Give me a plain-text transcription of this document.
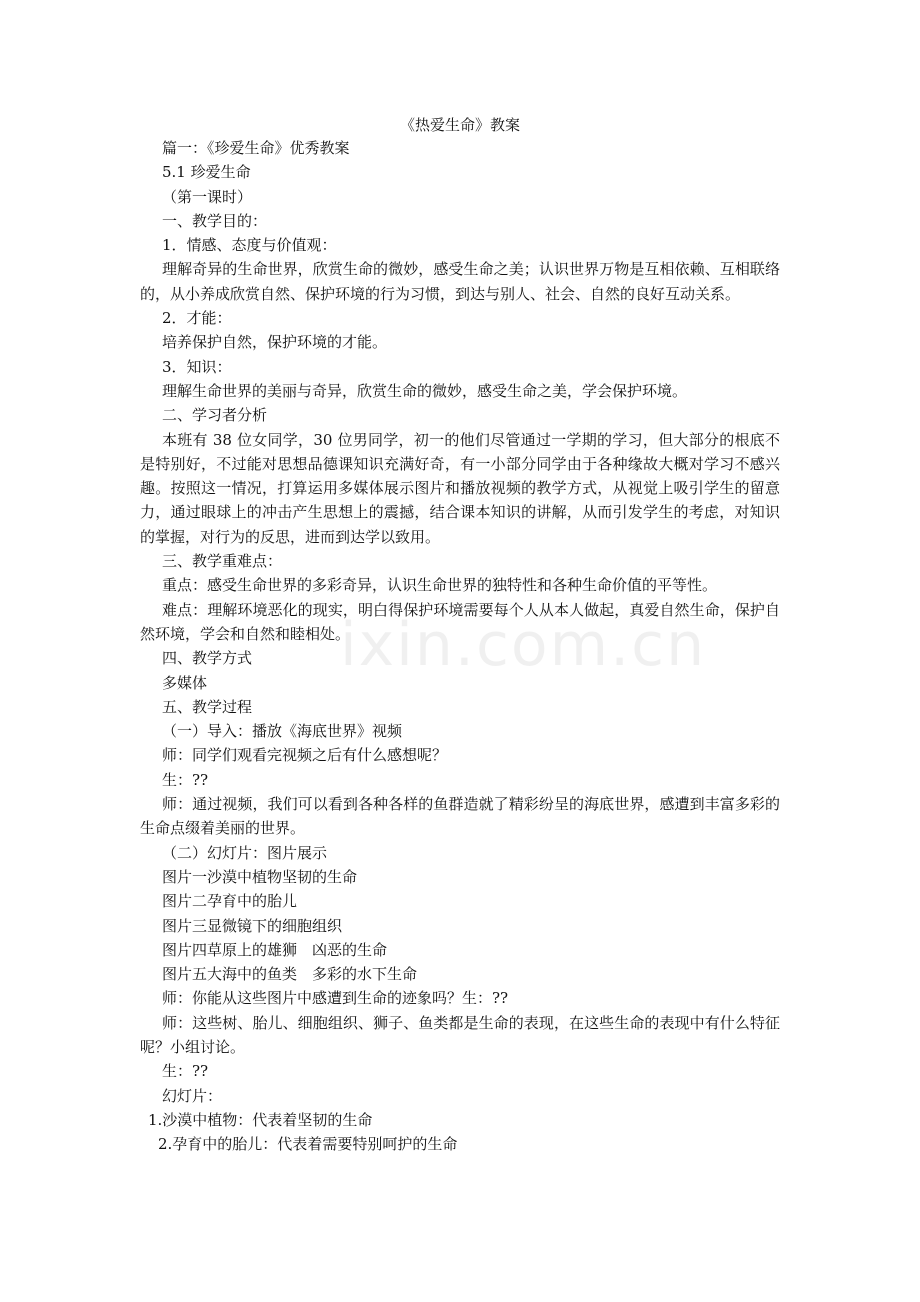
ixin.com.cn
《热爱生命》教案

篇一：《珍爱生命》优秀教案

5.1 珍爱生命

（第一课时）

一、教学目的：

1．情感、态度与价值观：

理解奇异的生命世界，欣赏生命的微妙，感受生命之美；认识世界万物是互相依赖、互相联络的，从小养成欣赏自然、保护环境的行为习惯，到达与别人、社会、自然的良好互动关系。

2．才能：

培养保护自然，保护环境的才能。

3．知识：

理解生命世界的美丽与奇异，欣赏生命的微妙，感受生命之美，学会保护环境。

二、学习者分析

本班有 38 位女同学，30 位男同学，初一的他们尽管通过一学期的学习，但大部分的根底不是特别好，不过能对思想品德课知识充满好奇，有一小部分同学由于各种缘故大概对学习不感兴趣。按照这一情况，打算运用多媒体展示图片和播放视频的教学方式，从视觉上吸引学生的留意力，通过眼球上的冲击产生思想上的震撼，结合课本知识的讲解，从而引发学生的考虑，对知识的掌握，对行为的反思，进而到达学以致用。

三、教学重难点：

重点：感受生命世界的多彩奇异，认识生命世界的独特性和各种生命价值的平等性。

难点：理解环境恶化的现实，明白得保护环境需要每个人从本人做起，真爱自然生命，保护自然环境，学会和自然和睦相处。

四、教学方式

多媒体

五、教学过程

（一）导入：播放《海底世界》视频

师：同学们观看完视频之后有什么感想呢？

生：??

师：通过视频，我们可以看到各种各样的鱼群造就了精彩纷呈的海底世界，感遭到丰富多彩的生命点缀着美丽的世界。

（二）幻灯片：图片展示

图片一沙漠中植物坚韧的生命

图片二孕育中的胎儿

图片三显微镜下的细胞组织

图片四草原上的雄狮　凶恶的生命

图片五大海中的鱼类　多彩的水下生命

师：你能从这些图片中感遭到生命的迹象吗？生：??

师：这些树、胎儿、细胞组织、狮子、鱼类都是生命的表现，在这些生命的表现中有什么特征呢？小组讨论。

生：??

幻灯片：

1.沙漠中植物：代表着坚韧的生命

2.孕育中的胎儿：代表着需要特别呵护的生命
